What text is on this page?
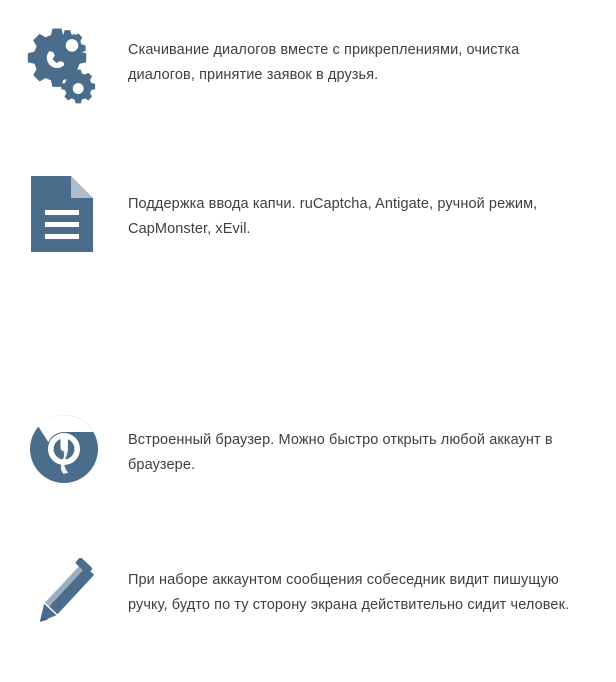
Скачивание диалогов вместе с прикреплениями, очистка диалогов, принятие заявок в друзья.
Поддержка ввода капчи. ruCaptcha, Antigate, ручной режим, CapMonster, xEvil.
Встроенный браузер. Можно быстро открыть любой аккаунт в браузере.
При наборе аккаунтом сообщения собеседник видит пишущую ручку, будто по ту сторону экрана действительно сидит человек.
